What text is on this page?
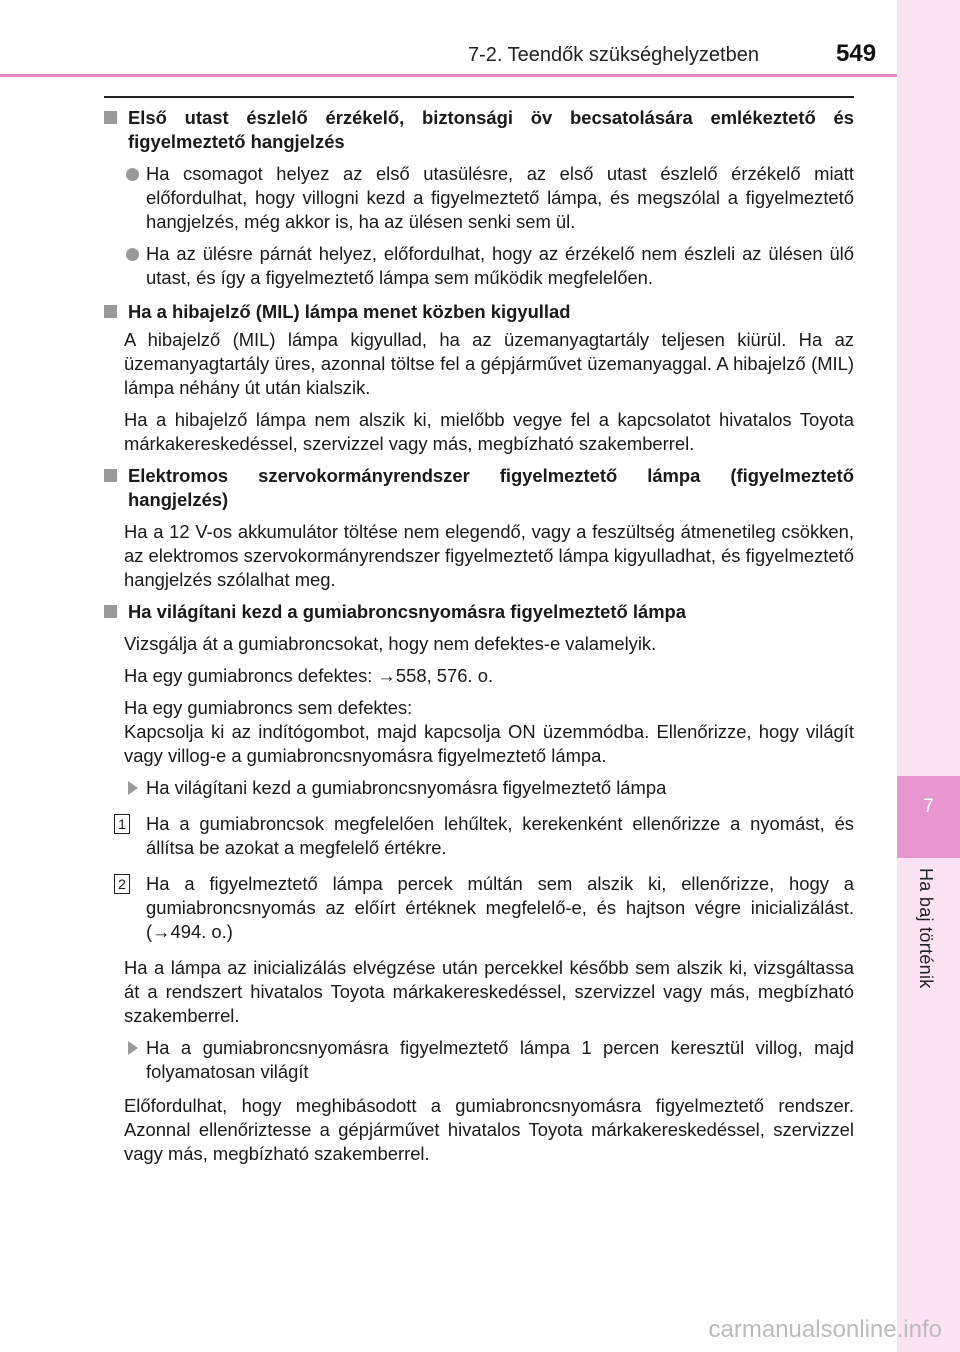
7-2. Teendők szükséghelyzetben	549
7
Ha baj történik
Első utast észlelő érzékelő, biztonsági öv becsatolására emlékeztető és figyelmeztető hangjelzés
Ha csomagot helyez az első utasülésre, az első utast észlelő érzékelő miatt előfordulhat, hogy villogni kezd a figyelmeztető lámpa, és megszólal a figyelmeztető hangjelzés, még akkor is, ha az ülésen senki sem ül.
Ha az ülésre párnát helyez, előfordulhat, hogy az érzékelő nem észleli az ülésen ülő utast, és így a figyelmeztető lámpa sem működik megfelelően.
Ha a hibajelző (MIL) lámpa menet közben kigyullad
A hibajelző (MIL) lámpa kigyullad, ha az üzemanyagtartály teljesen kiürül. Ha az üzemanyagtartály üres, azonnal töltse fel a gépjárművet üzemanyaggal. A hibajelző (MIL) lámpa néhány út után kialszik.
Ha a hibajelző lámpa nem alszik ki, mielőbb vegye fel a kapcsolatot hivatalos Toyota márkakereskedéssel, szervizzel vagy más, megbízható szakemberrel.
Elektromos szervokormányrendszer figyelmeztető lámpa (figyelmeztető hangjelzés)
Ha a 12 V-os akkumulátor töltése nem elegendő, vagy a feszültség átmenetileg csökken, az elektromos szervokormányrendszer figyelmeztető lámpa kigyulladhat, és figyelmeztető hangjelzés szólalhat meg.
Ha világítani kezd a gumiabroncsnyomásra figyelmeztető lámpa
Vizsgálja át a gumiabroncsokat, hogy nem defektes-e valamelyik.
Ha egy gumiabroncs defektes: →558, 576. o.
Ha egy gumiabroncs sem defektes:
Kapcsolja ki az indítógombot, majd kapcsolja ON üzemmódba. Ellenőrizze, hogy világít vagy villog-e a gumiabroncsnyomásra figyelmeztető lámpa.
Ha világítani kezd a gumiabroncsnyomásra figyelmeztető lámpa
1 Ha a gumiabroncsok megfelelően lehűltek, kerekenként ellenőrizze a nyomást, és állítsa be azokat a megfelelő értékre.
2 Ha a figyelmeztető lámpa percek múltán sem alszik ki, ellenőrizze, hogy a gumiabroncsnyomás az előírt értéknek megfelelő-e, és hajtson végre inicializálást. (→494. o.)
Ha a lámpa az inicializálás elvégzése után percekkel később sem alszik ki, vizsgáltassa át a rendszert hivatalos Toyota márkakereskedéssel, szervizzel vagy más, megbízható szakemberrel.
Ha a gumiabroncsnyomásra figyelmeztető lámpa 1 percen keresztül villog, majd folyamatosan világít
Előfordulhat, hogy meghibásodott a gumiabroncsnyomásra figyelmeztető rendszer. Azonnal ellenőriztesse a gépjárművet hivatalos Toyota márkakereskedéssel, szervizzel vagy más, megbízható szakemberrel.
carmanualsonline.info
